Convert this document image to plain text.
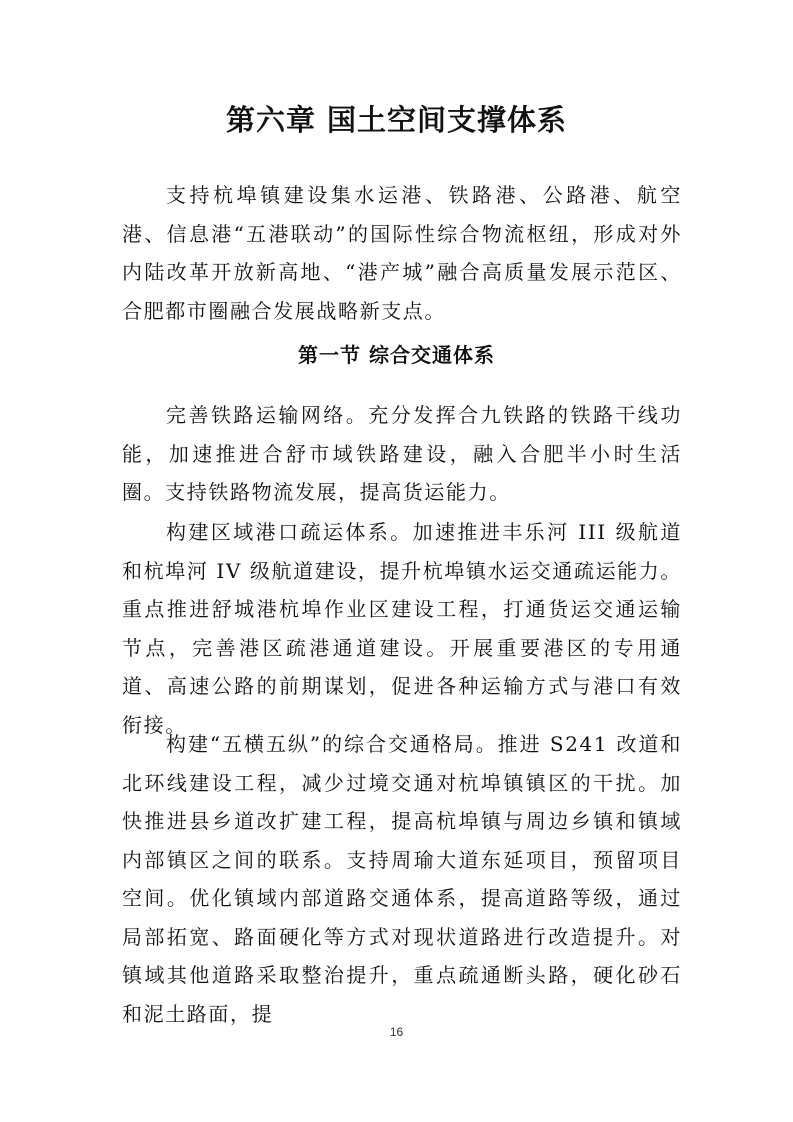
第六章 国土空间支撑体系

支持杭埠镇建设集水运港、铁路港、公路港、航空港、信息港“五港联动”的国际性综合物流枢纽，形成对外内陆改革开放新高地、“港产城”融合高质量发展示范区、合肥都市圈融合发展战略新支点。

第一节 综合交通体系

完善铁路运输网络。充分发挥合九铁路的铁路干线功能，加速推进合舒市域铁路建设，融入合肥半小时生活圈。支持铁路物流发展，提高货运能力。

构建区域港口疏运体系。加速推进丰乐河 III 级航道和杭埠河 IV 级航道建设，提升杭埠镇水运交通疏运能力。重点推进舒城港杭埠作业区建设工程，打通货运交通运输节点，完善港区疏港通道建设。开展重要港区的专用通道、高速公路的前期谋划，促进各种运输方式与港口有效衔接。

构建“五横五纵”的综合交通格局。推进 S241 改道和北环线建设工程，减少过境交通对杭埠镇镇区的干扰。加快推进县乡道改扩建工程，提高杭埠镇与周边乡镇和镇域内部镇区之间的联系。支持周瑜大道东延项目，预留项目空间。优化镇域内部道路交通体系，提高道路等级，通过局部拓宽、路面硬化等方式对现状道路进行改造提升。对镇域其他道路采取整治提升，重点疏通断头路，硬化砂石和泥土路面，提

16
